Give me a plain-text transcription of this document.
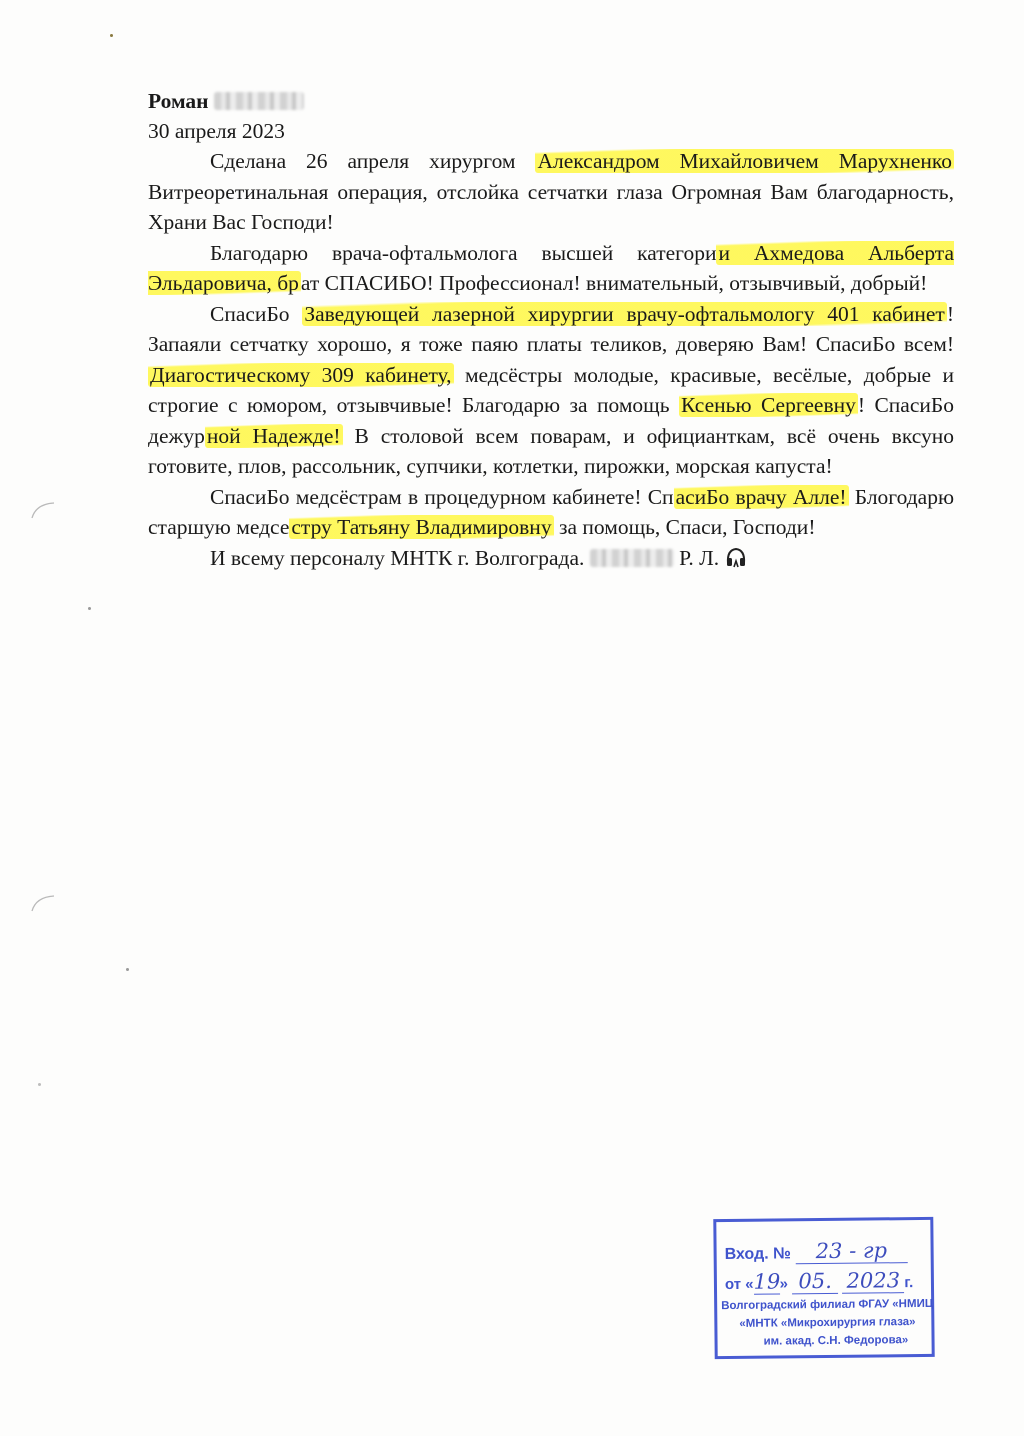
Роман
30 апреля 2023

Сделана 26 апреля хирургом Александром Михайловичем Марухненко Витреоретинальная операция, отслойка сетчатки глаза Огромная Вам благодарность, Храни Вас Господи!

Благодарю врача-офтальмолога высшей категории Ахмедова Альберта Эльдаровича, брат СПАСИБО! Профессионал! внимательный, отзывчивый, добрый!

СпасиБо Заведующей лазерной хирургии врачу-офтальмологу 401 кабинет! Запаяли сетчатку хорошо, я тоже паяю платы теликов, доверяю Вам! СпасиБо всем! Диагостическому 309 кабинету, медсёстры молодые, красивые, весёлые, добрые и строгие с юмором, отзывчивые! Благодарю за помощь Ксенью Сергеевну! СпасиБо дежурной Надежде! В столовой всем поварам, и официанткам, всё очень вксуно готовите, плов, рассольник, супчики, котлетки, пирожки, морская капуста!

СпасиБо медсёстрам в процедурном кабинете! СпасиБо врачу Алле! Блогодарю старшую медсестру Татьяну Владимировну за помощь, Спаси, Господи!

И всему персоналу МНТК г. Волгограда.	Р. Л.

Вход. № 23 - гр
от «19» 05. 2023 г.
Волгоградский филиал ФГАУ «НМИЦ
«МНТК «Микрохирургия глаза»
им. акад. С.Н. Федорова»
